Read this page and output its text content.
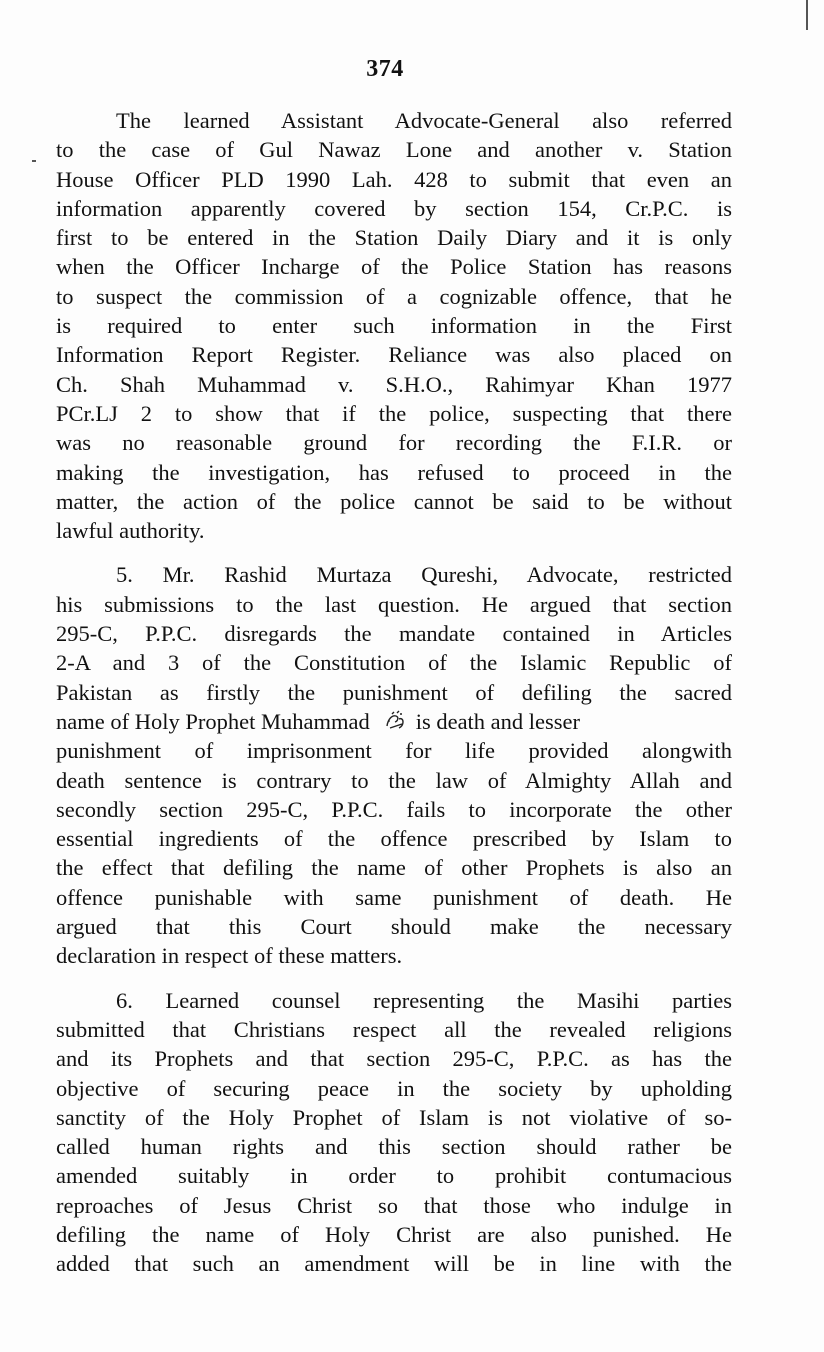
374
The learned Assistant Advocate-General also referred
to the case of Gul Nawaz Lone and another v. Station
House Officer PLD 1990 Lah. 428 to submit that even an
information apparently covered by section 154, Cr.P.C. is
first to be entered in the Station Daily Diary and it is only
when the Officer Incharge of the Police Station has reasons
to suspect the commission of a cognizable offence, that he
is required to enter such information in the First
Information Report Register. Reliance was also placed on
Ch. Shah Muhammad v. S.H.O., Rahimyar Khan 1977
PCr.LJ 2 to show that if the police, suspecting that there
was no reasonable ground for recording the F.I.R. or
making the investigation, has refused to proceed in the
matter, the action of the police cannot be said to be without
lawful authority.
5. Mr. Rashid Murtaza Qureshi, Advocate, restricted
his submissions to the last question. He argued that section
295-C, P.P.C. disregards the mandate contained in Articles
2-A and 3 of the Constitution of the Islamic Republic of
Pakistan as firstly the punishment of defiling the sacred
name of Holy Prophet Muhammad is death and lesser
punishment of imprisonment for life provided alongwith
death sentence is contrary to the law of Almighty Allah and
secondly section 295-C, P.P.C. fails to incorporate the other
essential ingredients of the offence prescribed by Islam to
the effect that defiling the name of other Prophets is also an
offence punishable with same punishment of death. He
argued that this Court should make the necessary
declaration in respect of these matters.
6. Learned counsel representing the Masihi parties
submitted that Christians respect all the revealed religions
and its Prophets and that section 295-C, P.P.C. as has the
objective of securing peace in the society by upholding
sanctity of the Holy Prophet of Islam is not violative of so-
called human rights and this section should rather be
amended suitably in order to prohibit contumacious
reproaches of Jesus Christ so that those who indulge in
defiling the name of Holy Christ are also punished. He
added that such an amendment will be in line with the
